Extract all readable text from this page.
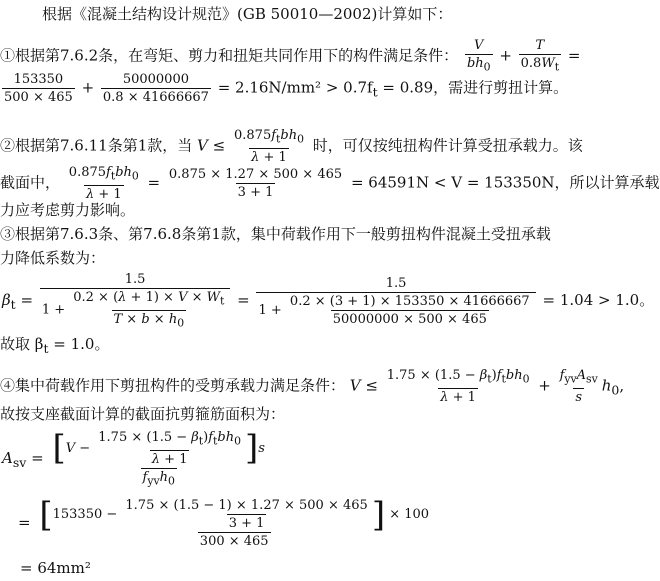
根据《混凝土结构设计规范》(GB 50010—2002)计算如下：
①根据第7.6.2条，在弯矩、剪力和扭矩共同作用下的构件满足条件： $\frac{V}{bh_0} + \frac{T}{0.8W_t}$ =
$\frac{153350}{500 \times 465} + \frac{50000000}{0.8 \times 41666667} = 2.16N/mm^2 > 0.7f_t = 0.89$，需进行剪扭计算。
②根据第7.6.11条第1款，当 $V \le \frac{0.875f_tbh_0}{\lambda + 1}$ 时，可仅按纯扭构件计算受扭承载力。该
截面中， $\frac{0.875f_tbh_0}{\lambda + 1} = \frac{0.875 \times 1.27 \times 500 \times 465}{3 + 1} = 64591N < V = 153350N$，所以计算承载
力应考虑剪力影响。
③根据第7.6.3条、第7.6.8条第1款，集中荷载作用下一般剪扭构件混凝土受扭承载
力降低系数为：
$\beta_t = \frac{1.5}{1 + \frac{0.2 \times (\lambda + 1) \times V \times W_t}{T \times b \times h_0}}$ =
1.5
$1 + \frac{0.2 \times (3 + 1) \times 153350 \times 41666667}{50000000 \times 500 \times 465} = 1.04 > 1.0$。
故取 $\beta_t = 1.0$。
④集中荷载作用下剪扭构件的受剪承载力满足条件： $V \le \frac{1.75 \times (1.5 - \beta_t)f_tbh_0}{\lambda + 1} + \frac{f_{yv}A_{sv}}{s} h_0$,
故按支座截面计算的截面抗剪箍筋面积为：
$A_{sv} = \frac{[V - \frac{1.75 \times (1.5 - \beta_t)f_tbh_0}{\lambda + 1} ]s}{f_{yv}h_0}$
= [$153350 - \frac{1.75 \times (1.5 - 1) \times 1.27 \times 500 \times 465}{3 + 1}$ ] × 100
300 × 465
= 64mm²
